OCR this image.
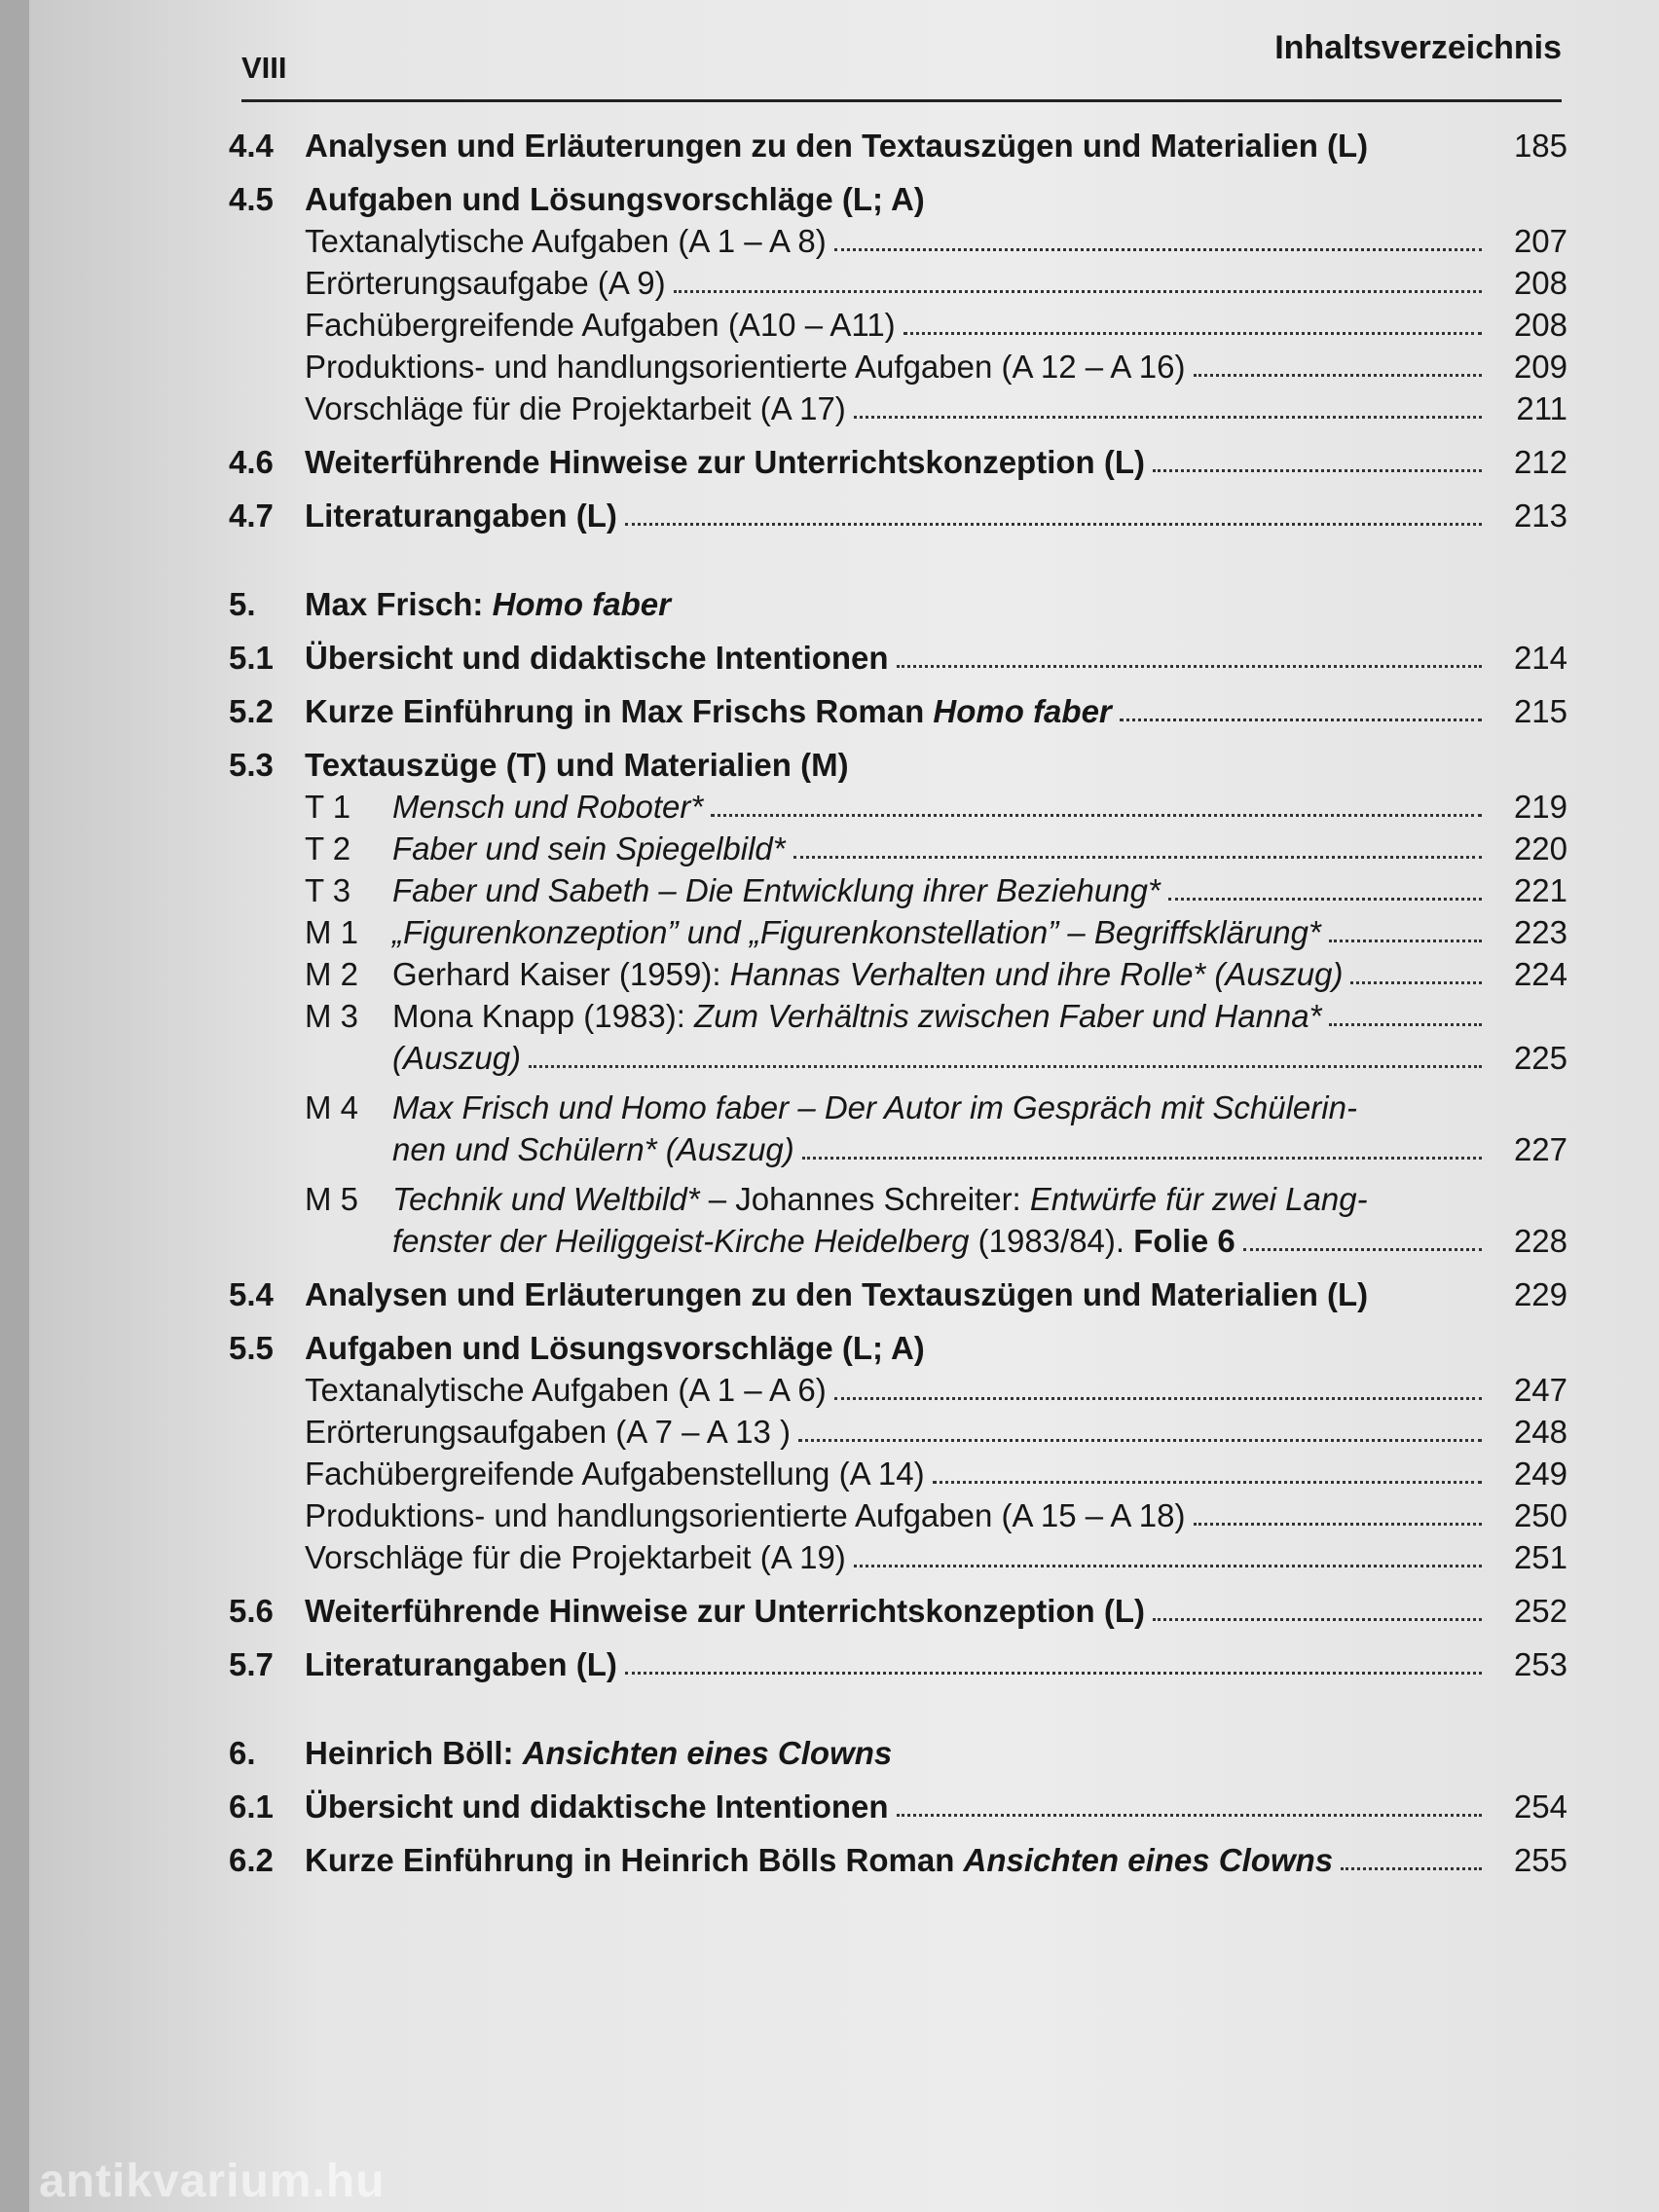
VIII
Inhaltsverzeichnis
4.4 Analysen und Erläuterungen zu den Textauszügen und Materialien (L)	185
4.5 Aufgaben und Lösungsvorschläge (L; A)
Textanalytische Aufgaben (A 1 – A 8)	207
Erörterungsaufgabe (A 9)	208
Fachübergreifende Aufgaben (A10 – A11)	208
Produktions- und handlungsorientierte Aufgaben (A 12 – A 16)	209
Vorschläge für die Projektarbeit (A 17)	211
4.6 Weiterführende Hinweise zur Unterrichtskonzeption (L)	212
4.7 Literaturangaben (L)	213
5.	Max Frisch: Homo faber
5.1 Übersicht und didaktische Intentionen	214
5.2 Kurze Einführung in Max Frischs Roman Homo faber	215
5.3 Textauszüge (T) und Materialien (M)
T 1	Mensch und Roboter*	219
T 2	Faber und sein Spiegelbild*	220
T 3	Faber und Sabeth – Die Entwicklung ihrer Beziehung*	221
M 1	„Figurenkonzeption” und „Figurenkonstellation” – Begriffsklärung*	223
M 2	Gerhard Kaiser (1959): Hannas Verhalten und ihre Rolle* (Auszug)	224
M 3	Mona Knapp (1983): Zum Verhältnis zwischen Faber und Hanna*
(Auszug)	225
M 4	Max Frisch und Homo faber – Der Autor im Gespräch mit Schülerin-
nen und Schülern* (Auszug)	227
M 5	Technik und Weltbild* – Johannes Schreiter: Entwürfe für zwei Lang-
fenster der Heiliggeist-Kirche Heidelberg (1983/84). Folie 6	228
5.4 Analysen und Erläuterungen zu den Textauszügen und Materialien (L)	229
5.5 Aufgaben und Lösungsvorschläge (L; A)
Textanalytische Aufgaben (A 1 – A 6)	247
Erörterungsaufgaben (A 7 – A 13 )	248
Fachübergreifende Aufgabenstellung (A 14)	249
Produktions- und handlungsorientierte Aufgaben (A 15 – A 18)	250
Vorschläge für die Projektarbeit (A 19)	251
5.6 Weiterführende Hinweise zur Unterrichtskonzeption (L)	252
5.7 Literaturangaben (L)	253
6.	Heinrich Böll: Ansichten eines Clowns
6.1 Übersicht und didaktische Intentionen	254
6.2 Kurze Einführung in Heinrich Bölls Roman Ansichten eines Clowns	255
antikvarium.hu
